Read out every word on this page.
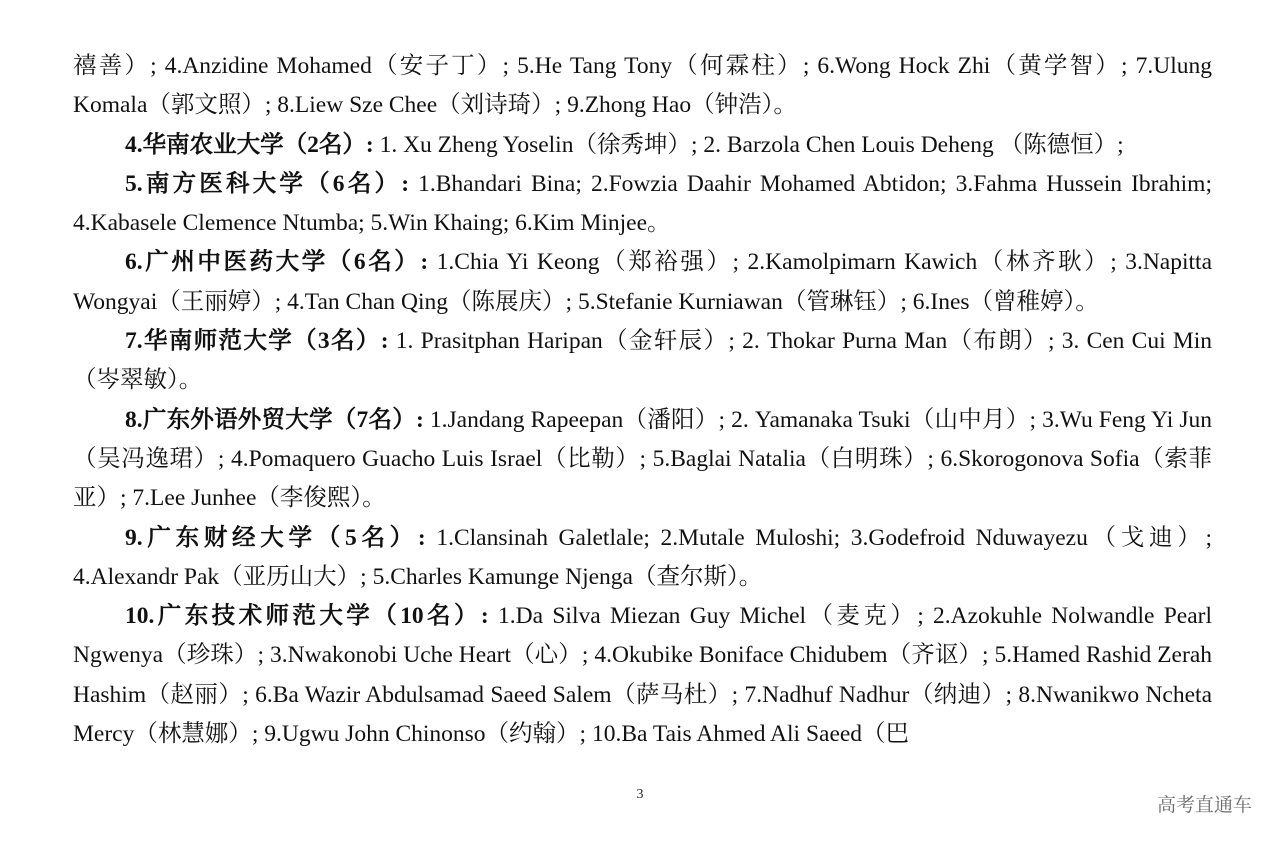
禧善）; 4.Anzidine Mohamed（安子丁）; 5.He Tang Tony（何霖柱）; 6.Wong Hock Zhi（黄学智）; 7.Ulung Komala（郭文照）; 8.Liew Sze Chee（刘诗琦）; 9.Zhong Hao（钟浩）。

4.华南农业大学（2名）: 1. Xu Zheng Yoselin（徐秀坤）; 2. Barzola Chen Louis Deheng （陈德恒）;

5.南方医科大学（6名）: 1.Bhandari Bina; 2.Fowzia Daahir Mohamed Abtidon; 3.Fahma Hussein Ibrahim; 4.Kabasele Clemence Ntumba; 5.Win Khaing; 6.Kim Minjee。

6.广州中医药大学（6名）: 1.Chia Yi Keong（郑裕强）; 2.Kamolpimarn Kawich（林齐耿）; 3.Napitta Wongyai（王丽婷）; 4.Tan Chan Qing（陈展庆）; 5.Stefanie Kurniawan（管琳钰）; 6.Ines（曾稚婷）。

7.华南师范大学（3名）: 1. Prasitphan Haripan（金轩辰）; 2. Thokar Purna Man（布朗）; 3. Cen Cui Min（岑翠敏）。

8.广东外语外贸大学（7名）: 1.Jandang Rapeepan（潘阳）; 2. Yamanaka Tsuki（山中月）; 3.Wu Feng Yi Jun（吴冯逸珺）; 4.Pomaquero Guacho Luis Israel（比勒）; 5.Baglai Natalia（白明珠）; 6.Skorogonova Sofia（索菲亚）; 7.Lee Junhee（李俊熙）。

9.广东财经大学（5名）: 1.Clansinah Galetlale; 2.Mutale Muloshi; 3.Godefroid Nduwayezu（戈迪）; 4.Alexandr Pak（亚历山大）; 5.Charles Kamunge Njenga（查尔斯）。

10.广东技术师范大学（10名）: 1.Da Silva Miezan Guy Michel（麦克）; 2.Azokuhle Nolwandle Pearl Ngwenya（珍珠）; 3.Nwakonobi Uche Heart（心）; 4.Okubike Boniface Chidubem（齐讴）; 5.Hamed Rashid Zerah Hashim（赵丽）; 6.Ba Wazir Abdulsamad Saeed Salem（萨马杜）; 7.Nadhuf Nadhur（纳迪）; 8.Nwanikwo Ncheta Mercy（林慧娜）; 9.Ugwu John Chinonso（约翰）; 10.Ba Tais Ahmed Ali Saeed（巴

3	高考直通车
